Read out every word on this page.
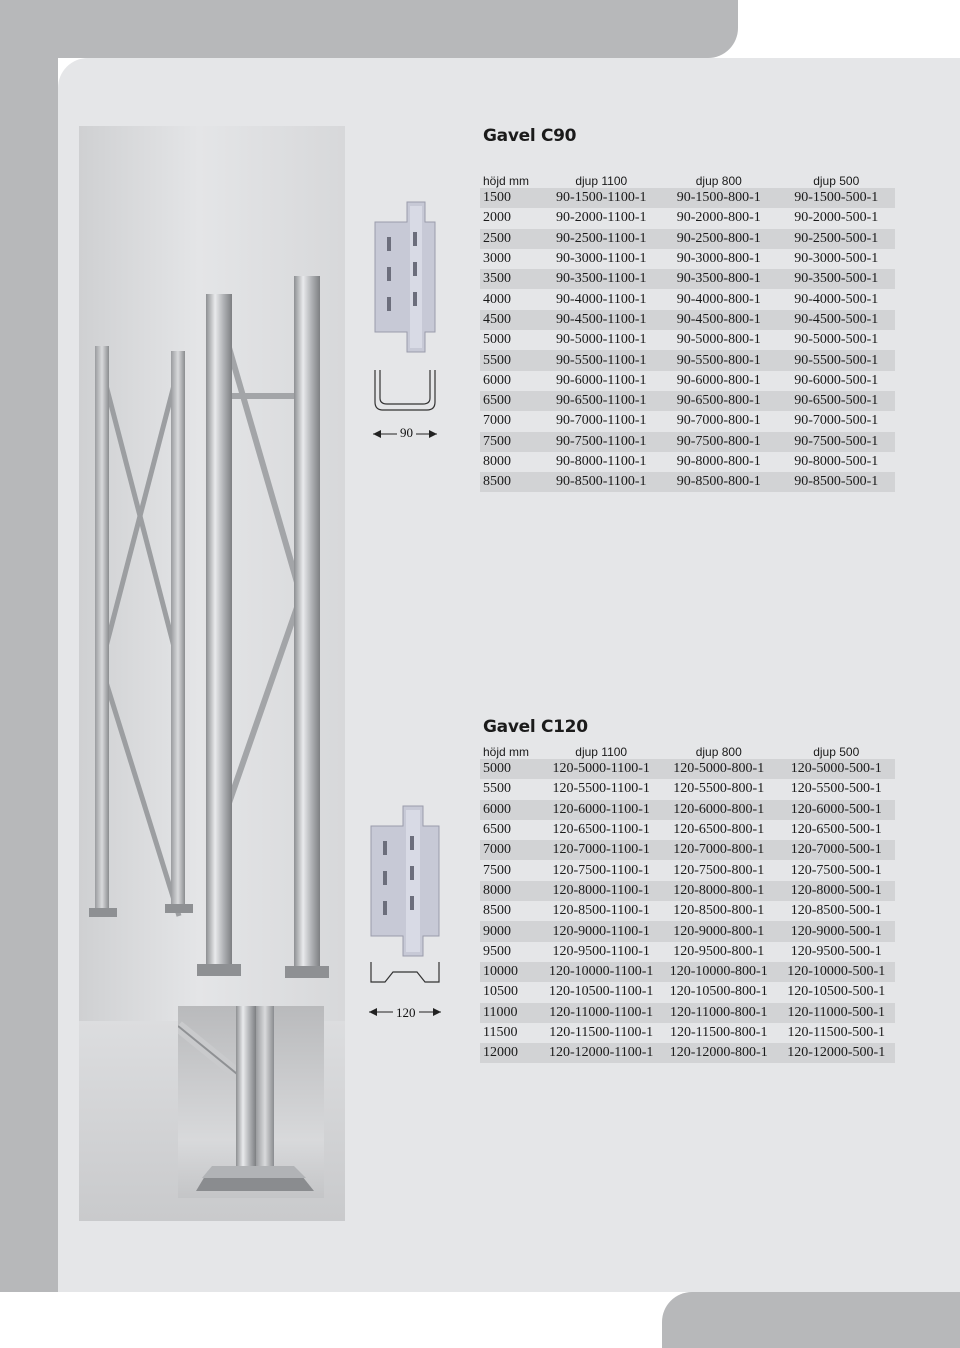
90
120
Gavel C90
höjd mm	djup 1100	djup 800	djup 500
1500	90-1500-1100-1	90-1500-800-1	90-1500-500-1
2000	90-2000-1100-1	90-2000-800-1	90-2000-500-1
2500	90-2500-1100-1	90-2500-800-1	90-2500-500-1
3000	90-3000-1100-1	90-3000-800-1	90-3000-500-1
3500	90-3500-1100-1	90-3500-800-1	90-3500-500-1
4000	90-4000-1100-1	90-4000-800-1	90-4000-500-1
4500	90-4500-1100-1	90-4500-800-1	90-4500-500-1
5000	90-5000-1100-1	90-5000-800-1	90-5000-500-1
5500	90-5500-1100-1	90-5500-800-1	90-5500-500-1
6000	90-6000-1100-1	90-6000-800-1	90-6000-500-1
6500	90-6500-1100-1	90-6500-800-1	90-6500-500-1
7000	90-7000-1100-1	90-7000-800-1	90-7000-500-1
7500	90-7500-1100-1	90-7500-800-1	90-7500-500-1
8000	90-8000-1100-1	90-8000-800-1	90-8000-500-1
8500	90-8500-1100-1	90-8500-800-1	90-8500-500-1
Gavel C120
höjd mm	djup 1100	djup 800	djup 500
5000	120-5000-1100-1	120-5000-800-1	120-5000-500-1
5500	120-5500-1100-1	120-5500-800-1	120-5500-500-1
6000	120-6000-1100-1	120-6000-800-1	120-6000-500-1
6500	120-6500-1100-1	120-6500-800-1	120-6500-500-1
7000	120-7000-1100-1	120-7000-800-1	120-7000-500-1
7500	120-7500-1100-1	120-7500-800-1	120-7500-500-1
8000	120-8000-1100-1	120-8000-800-1	120-8000-500-1
8500	120-8500-1100-1	120-8500-800-1	120-8500-500-1
9000	120-9000-1100-1	120-9000-800-1	120-9000-500-1
9500	120-9500-1100-1	120-9500-800-1	120-9500-500-1
10000	120-10000-1100-1	120-10000-800-1	120-10000-500-1
10500	120-10500-1100-1	120-10500-800-1	120-10500-500-1
11000	120-11000-1100-1	120-11000-800-1	120-11000-500-1
11500	120-11500-1100-1	120-11500-800-1	120-11500-500-1
12000	120-12000-1100-1	120-12000-800-1	120-12000-500-1
